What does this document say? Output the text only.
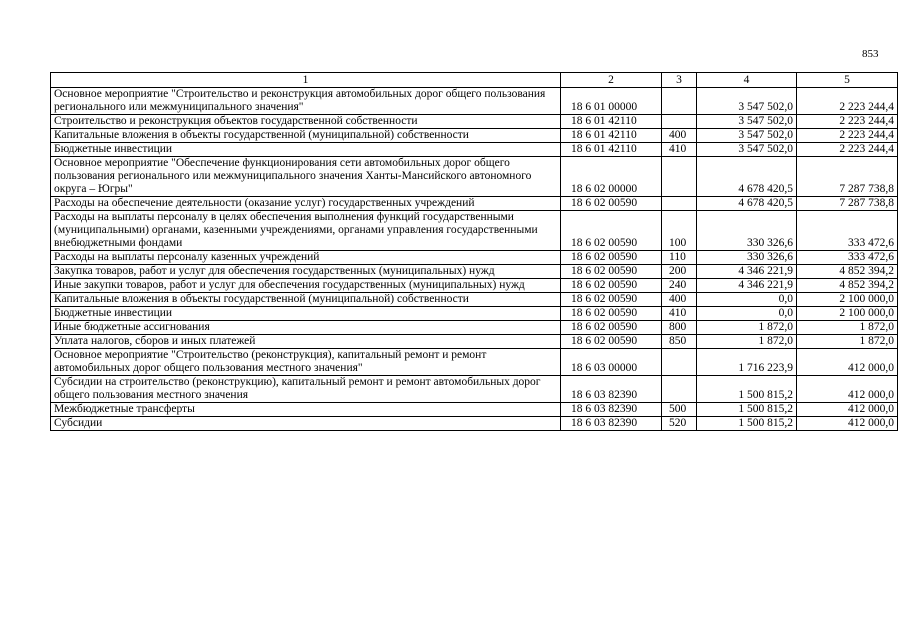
853
1	2	3	4	5
Основное мероприятие "Строительство и реконструкция автомобильных дорог общего пользования регионального или межмуниципального значения"	18 6 01 00000		3 547 502,0	2 223 244,4
Строительство и реконструкция объектов государственной собственности	18 6 01 42110		3 547 502,0	2 223 244,4
Капитальные вложения в объекты государственной (муниципальной) собственности	18 6 01 42110	400	3 547 502,0	2 223 244,4
Бюджетные инвестиции	18 6 01 42110	410	3 547 502,0	2 223 244,4
Основное мероприятие "Обеспечение функционирования сети автомобильных дорог общего пользования регионального или межмуниципального значения Ханты-Мансийского автономного округа – Югры"	18 6 02 00000		4 678 420,5	7 287 738,8
Расходы на обеспечение деятельности (оказание услуг) государственных учреждений	18 6 02 00590		4 678 420,5	7 287 738,8
Расходы на выплаты персоналу в целях обеспечения выполнения функций государственными (муниципальными) органами, казенными учреждениями, органами управления государственными внебюджетными фондами	18 6 02 00590	100	330 326,6	333 472,6
Расходы на выплаты персоналу казенных учреждений	18 6 02 00590	110	330 326,6	333 472,6
Закупка товаров, работ и услуг для обеспечения государственных (муниципальных) нужд	18 6 02 00590	200	4 346 221,9	4 852 394,2
Иные закупки товаров, работ и услуг для обеспечения государственных (муниципальных) нужд	18 6 02 00590	240	4 346 221,9	4 852 394,2
Капитальные вложения в объекты государственной (муниципальной) собственности	18 6 02 00590	400	0,0	2 100 000,0
Бюджетные инвестиции	18 6 02 00590	410	0,0	2 100 000,0
Иные бюджетные ассигнования	18 6 02 00590	800	1 872,0	1 872,0
Уплата налогов, сборов и иных платежей	18 6 02 00590	850	1 872,0	1 872,0
Основное мероприятие "Строительство (реконструкция), капитальный ремонт и ремонт автомобильных дорог общего пользования местного значения"	18 6 03 00000		1 716 223,9	412 000,0
Субсидии на строительство (реконструкцию), капитальный ремонт и ремонт автомобильных дорог общего пользования местного значения	18 6 03 82390		1 500 815,2	412 000,0
Межбюджетные трансферты	18 6 03 82390	500	1 500 815,2	412 000,0
Субсидии	18 6 03 82390	520	1 500 815,2	412 000,0
